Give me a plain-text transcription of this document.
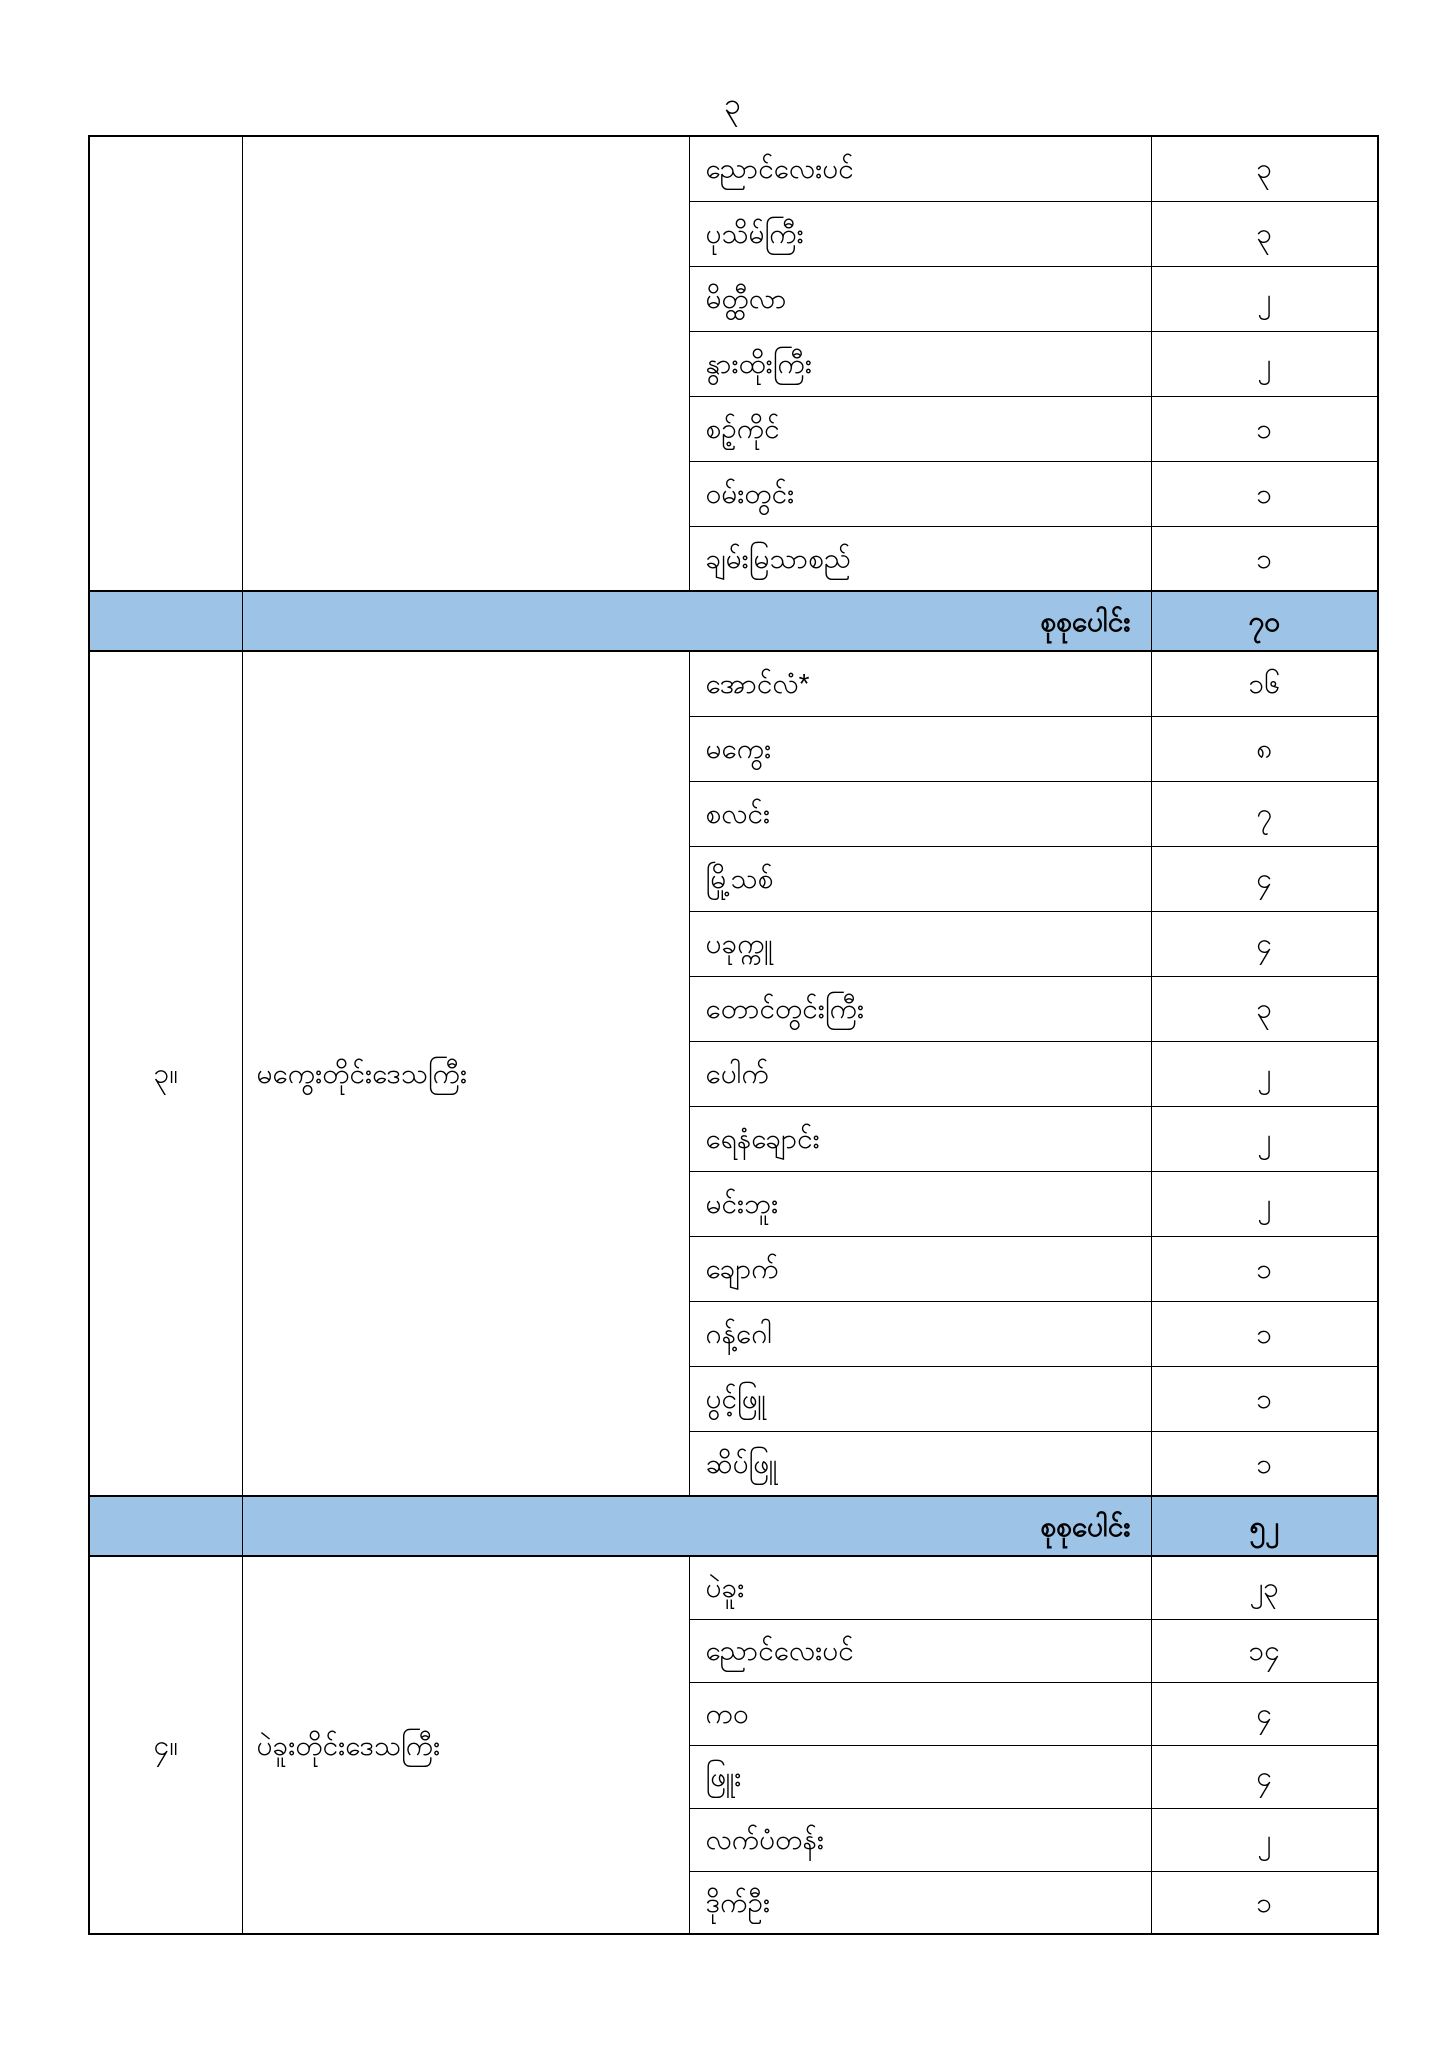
၃
		ညောင်လေးပင်	၃
		ပုသိမ်ကြီး	၃
		မိတ္ထီလာ	၂
		နွားထိုးကြီး	၂
		စဉ့်ကိုင်	၁
		ဝမ်းတွင်း	၁
		ချမ်းမြသာစည်	၁
	စုစုပေါင်း		၇၀
၃။	မကွေးတိုင်းဒေသကြီး	အောင်လံ*	၁၆
		မကွေး	၈
		စလင်း	၇
		မြို့သစ်	၄
		ပခုက္ကူ	၄
		တောင်တွင်းကြီး	၃
		ပေါက်	၂
		ရေနံချောင်း	၂
		မင်းဘူး	၂
		ချောက်	၁
		ဂန့်ဂေါ	၁
		ပွင့်ဖြူ	၁
		ဆိပ်ဖြူ	၁
	စုစုပေါင်း		၅၂
၄။	ပဲခူးတိုင်းဒေသကြီး	ပဲခူး	၂၃
		ညောင်လေးပင်	၁၄
		ကဝ	၄
		ဖြူး	၄
		လက်ပံတန်း	၂
		ဒိုက်ဦး	၁
